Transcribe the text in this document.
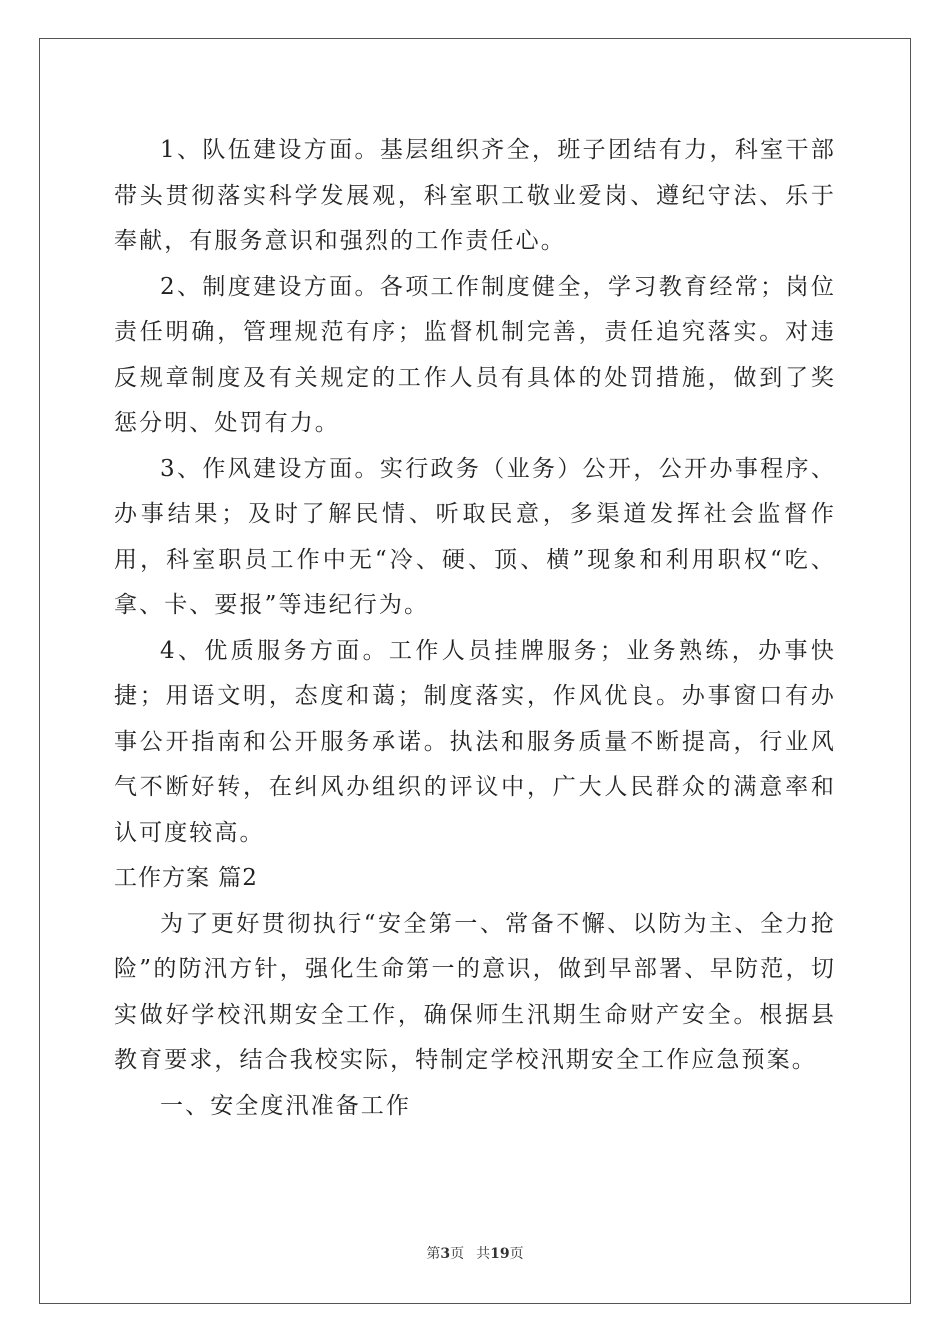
1、队伍建设方面。基层组织齐全，班子团结有力，科室干部带头贯彻落实科学发展观，科室职工敬业爱岗、遵纪守法、乐于奉献，有服务意识和强烈的工作责任心。

2、制度建设方面。各项工作制度健全，学习教育经常；岗位责任明确，管理规范有序；监督机制完善，责任追究落实。对违反规章制度及有关规定的工作人员有具体的处罚措施，做到了奖惩分明、处罚有力。

3、作风建设方面。实行政务（业务）公开，公开办事程序、办事结果；及时了解民情、听取民意，多渠道发挥社会监督作用，科室职员工作中无“冷、硬、顶、横”现象和利用职权“吃、拿、卡、要报”等违纪行为。

4、优质服务方面。工作人员挂牌服务；业务熟练，办事快捷；用语文明，态度和蔼；制度落实，作风优良。办事窗口有办事公开指南和公开服务承诺。执法和服务质量不断提高，行业风气不断好转，在纠风办组织的评议中，广大人民群众的满意率和认可度较高。

工作方案 篇2

为了更好贯彻执行“安全第一、常备不懈、以防为主、全力抢险”的防汛方针，强化生命第一的意识，做到早部署、早防范，切实做好学校汛期安全工作，确保师生汛期生命财产安全。根据县教育要求，结合我校实际，特制定学校汛期安全工作应急预案。

一、安全度汛准备工作

第3页 共19页
